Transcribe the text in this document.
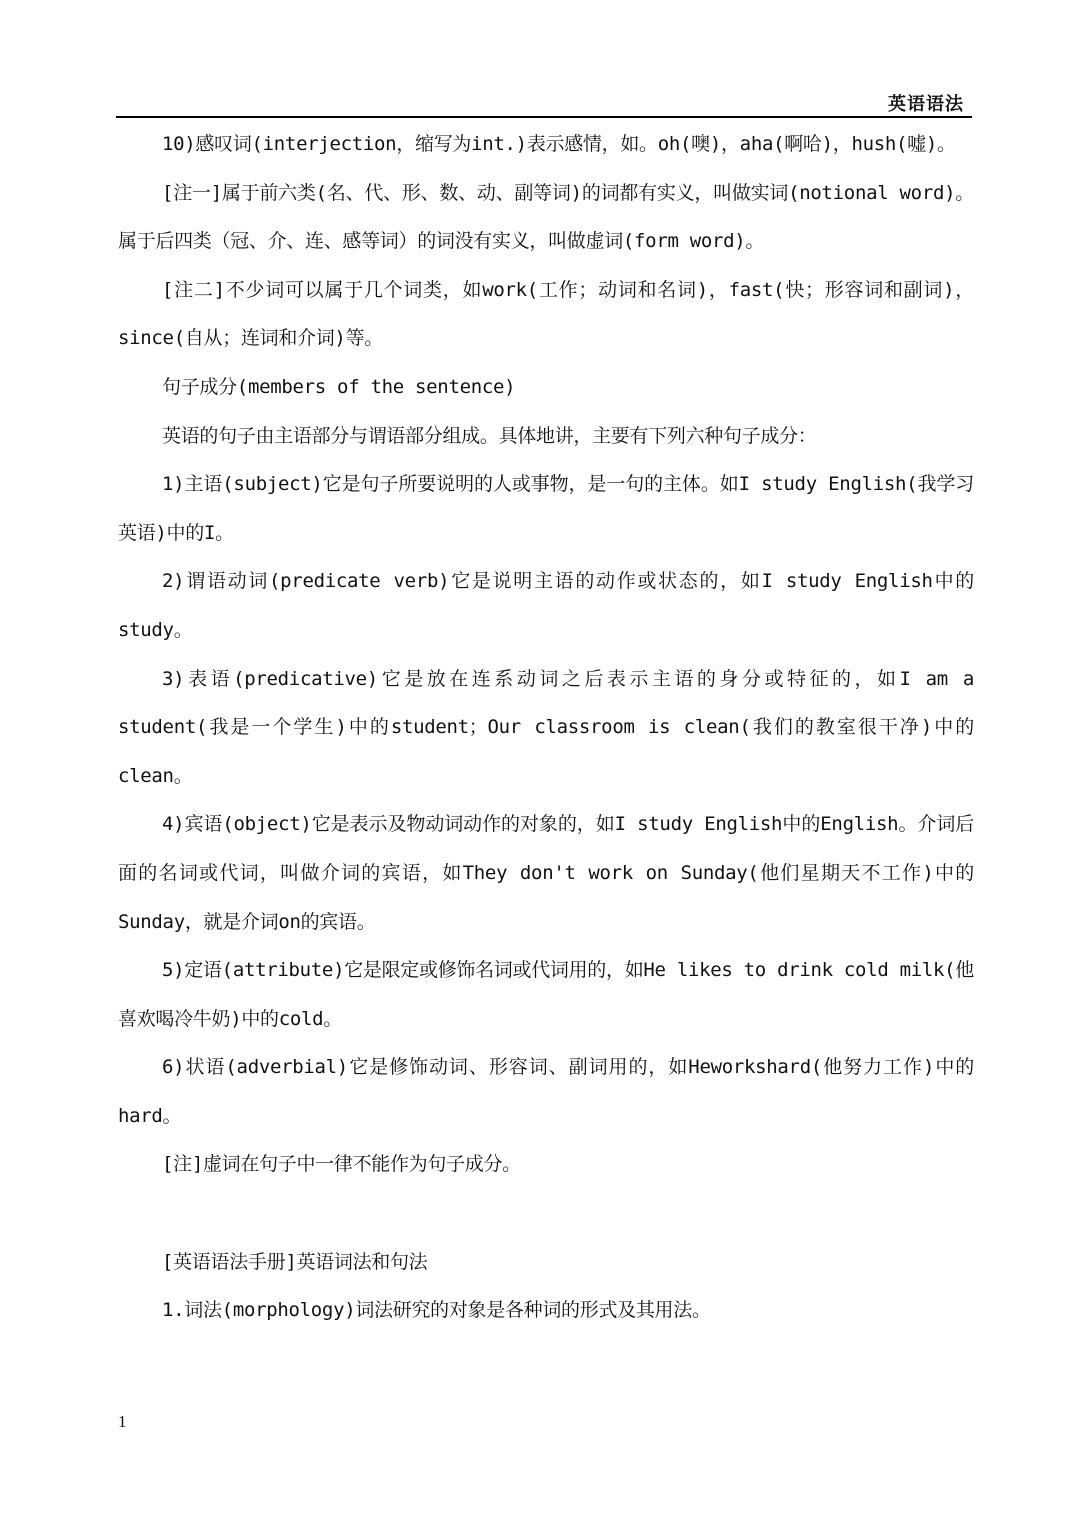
英语语法

10)感叹词(interjection，缩写为int.)表示感情，如。oh(噢)，aha(啊哈)，hush(嘘)。

[注一]属于前六类(名、代、形、数、动、副等词)的词都有实义，叫做实词(notional word)。属于后四类（冠、介、连、感等词）的词没有实义，叫做虚词(form word)。

[注二]不少词可以属于几个词类，如work(工作；动词和名词)，fast(快；形容词和副词)，since(自从；连词和介词)等。

句子成分(members of the sentence)

英语的句子由主语部分与谓语部分组成。具体地讲，主要有下列六种句子成分：

1)主语(subject)它是句子所要说明的人或事物，是一句的主体。如I study English(我学习英语)中的I。

2)谓语动词(predicate verb)它是说明主语的动作或状态的，如I study English中的study。

3)表语(predicative)它是放在连系动词之后表示主语的身分或特征的，如I am a student(我是一个学生)中的student；Our classroom is clean(我们的教室很干净)中的clean。

4)宾语(object)它是表示及物动词动作的对象的，如I study English中的English。介词后面的名词或代词，叫做介词的宾语，如They don't work on Sunday(他们星期天不工作)中的Sunday，就是介词on的宾语。

5)定语(attribute)它是限定或修饰名词或代词用的，如He likes to drink cold milk(他喜欢喝冷牛奶)中的cold。

6)状语(adverbial)它是修饰动词、形容词、副词用的，如Heworkshard(他努力工作)中的hard。

[注]虚词在句子中一律不能作为句子成分。

[英语语法手册]英语词法和句法

1.词法(morphology)词法研究的对象是各种词的形式及其用法。

1
